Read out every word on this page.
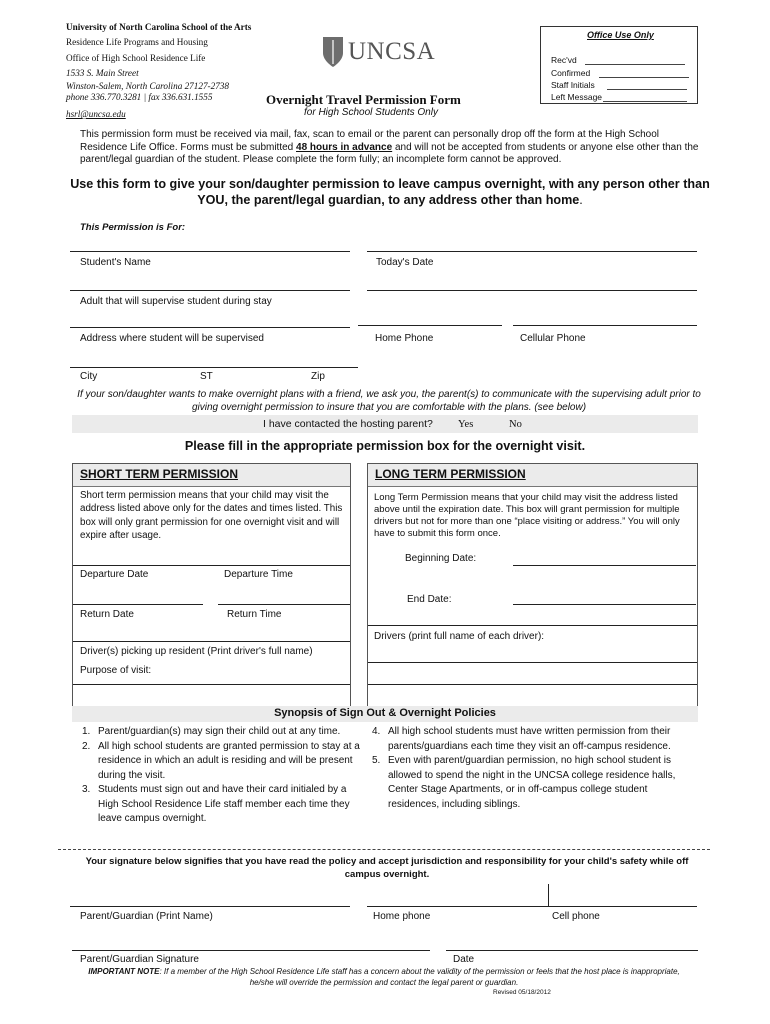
University of North Carolina School of the Arts
Residence Life Programs and Housing
Office of High School Residence Life
1533 S. Main Street
Winston-Salem, North Carolina 27127-2738
phone 336.770.3281 | fax 336.631.1555
hsrl@uncsa.edu
UNCSA
Overnight Travel Permission Form
for High School Students Only
Office Use Only
Rec'vd
Confirmed
Staff Initials
Left Message
This permission form must be received via mail, fax, scan to email or the parent can personally drop off the form at the High School Residence Life Office. Forms must be submitted 48 hours in advance and will not be accepted from students or anyone else other than the parent/legal guardian of the student. Please complete the form fully; an incomplete form cannot be approved.
Use this form to give your son/daughter permission to leave campus overnight, with any person other than YOU, the parent/legal guardian, to any address other than home.
This Permission is For:
Student's Name	Today's Date
Adult that will supervise student during stay
Address where student will be supervised	Home Phone	Cellular Phone
City	ST	Zip
If your son/daughter wants to make overnight plans with a friend, we ask you, the parent(s) to communicate with the supervising adult prior to giving overnight permission to insure that you are comfortable with the plans. (see below)
I have contacted the hosting parent? Yes	No
Please fill in the appropriate permission box for the overnight visit.
SHORT TERM PERMISSION
Short term permission means that your child may visit the address listed above only for the dates and times listed. This box will only grant permission for one overnight visit and will expire after usage.
Departure Date	Departure Time
Return Date	Return Time
Driver(s) picking up resident (Print driver's full name)
Purpose of visit:
LONG TERM PERMISSION
Long Term Permission means that your child may visit the address listed above until the expiration date. This box will grant permission for multiple drivers but not for more than one “place visiting or address.” You will only have to submit this form once.
Beginning Date:
End Date:
Drivers (print full name of each driver):
Synopsis of Sign Out & Overnight Policies
1. Parent/guardian(s) may sign their child out at any time.
2. All high school students are granted permission to stay at a residence in which an adult is residing and will be present during the visit.
3. Students must sign out and have their card initialed by a High School Residence Life staff member each time they leave campus overnight.
4. All high school students must have written permission from their parents/guardians each time they visit an off-campus residence.
5. Even with parent/guardian permission, no high school student is allowed to spend the night in the UNCSA college residence halls, Center Stage Apartments, or in off-campus college student residences, including siblings.
Your signature below signifies that you have read the policy and accept jurisdiction and responsibility for your child's safety while off campus overnight.
Parent/Guardian (Print Name)	Home phone	Cell phone
Parent/Guardian Signature	Date
IMPORTANT NOTE: If a member of the High School Residence Life staff has a concern about the validity of the permission or feels that the host place is inappropriate, he/she will override the permission and contact the legal parent or guardian.
Revised 05/18/2012
